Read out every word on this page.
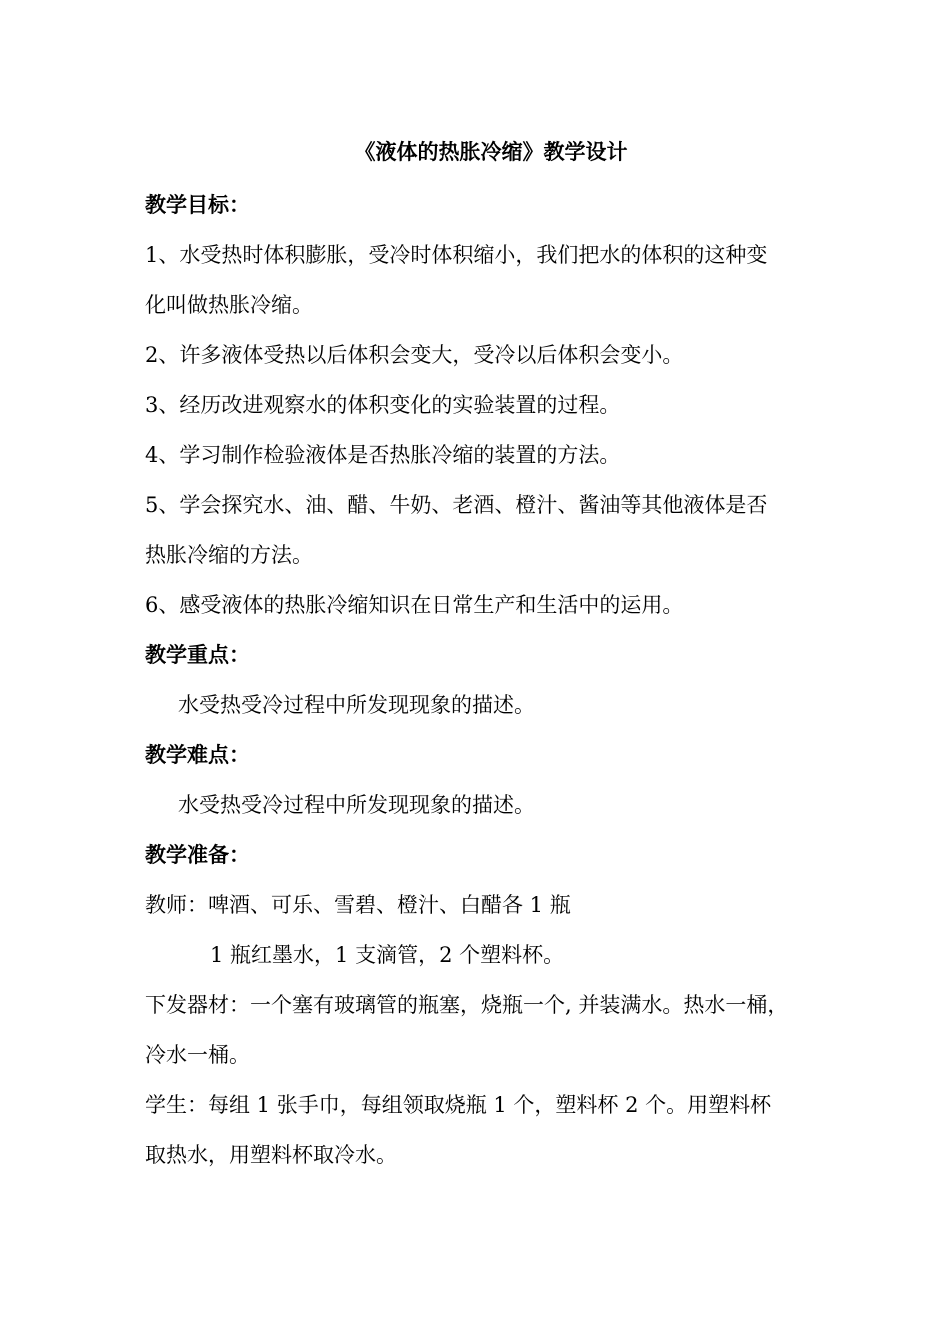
《液体的热胀冷缩》教学设计
教学目标：
1、水受热时体积膨胀，受冷时体积缩小，我们把水的体积的这种变
化叫做热胀冷缩。
2、许多液体受热以后体积会变大，受冷以后体积会变小。
3、经历改进观察水的体积变化的实验装置的过程。
4、学习制作检验液体是否热胀冷缩的装置的方法。
5、学会探究水、油、醋、牛奶、老酒、橙汁、酱油等其他液体是否
热胀冷缩的方法。
6、感受液体的热胀冷缩知识在日常生产和生活中的运用。
教学重点：
水受热受冷过程中所发现现象的描述。
教学难点：
水受热受冷过程中所发现现象的描述。
教学准备：
教师：啤酒、可乐、雪碧、橙汁、白醋各 1 瓶
1 瓶红墨水，1 支滴管，2 个塑料杯。
下发器材：一个塞有玻璃管的瓶塞，烧瓶一个, 并装满水。热水一桶，
冷水一桶。
学生：每组 1 张手巾，每组领取烧瓶 1 个，塑料杯 2 个。用塑料杯
取热水，用塑料杯取冷水。
